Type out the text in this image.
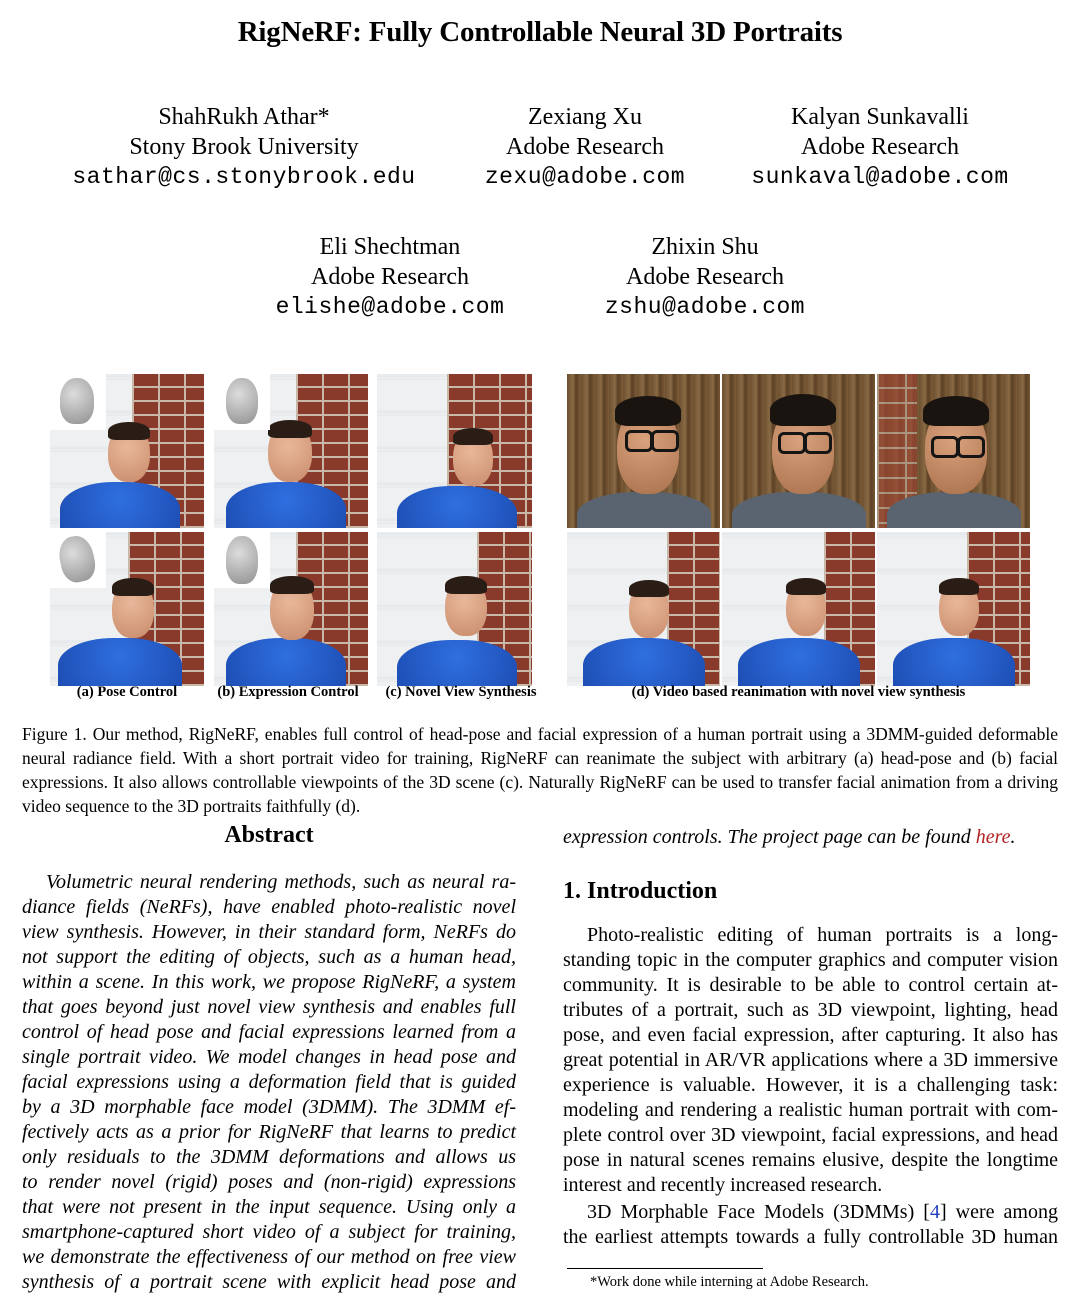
RigNeRF: Fully Controllable Neural 3D Portraits
ShahRukh Athar*
Stony Brook University
sathar@cs.stonybrook.edu
Zexiang Xu
Adobe Research
zexu@adobe.com
Kalyan Sunkavalli
Adobe Research
sunkaval@adobe.com
Eli Shechtman
Adobe Research
elishe@adobe.com
Zhixin Shu
Adobe Research
zshu@adobe.com
(a) Pose Control	(b) Expression Control	(c) Novel View Synthesis	(d) Video based reanimation with novel view synthesis
Figure 1. Our method, RigNeRF, enables full control of head-pose and facial expression of a human portrait using a 3DMM-guided deformable neural radiance field. With a short portrait video for training, RigNeRF can reanimate the subject with arbitrary (a) head-pose and (b) facial expressions. It also allows controllable viewpoints of the 3D scene (c). Naturally RigNeRF can be used to transfer facial animation from a driving video sequence to the 3D portraits faithfully (d).
Abstract
Volumetric neural rendering methods, such as neural ra-
diance fields (NeRFs), have enabled photo-realistic novel
view synthesis. However, in their standard form, NeRFs do
not support the editing of objects, such as a human head,
within a scene. In this work, we propose RigNeRF, a system
that goes beyond just novel view synthesis and enables full
control of head pose and facial expressions learned from a
single portrait video. We model changes in head pose and
facial expressions using a deformation field that is guided
by a 3D morphable face model (3DMM). The 3DMM ef-
fectively acts as a prior for RigNeRF that learns to predict
only residuals to the 3DMM deformations and allows us
to render novel (rigid) poses and (non-rigid) expressions
that were not present in the input sequence. Using only a
smartphone-captured short video of a subject for training,
we demonstrate the effectiveness of our method on free view
synthesis of a portrait scene with explicit head pose and
expression controls. The project page can be found here.
1. Introduction
Photo-realistic editing of human portraits is a long-
standing topic in the computer graphics and computer vision
community. It is desirable to be able to control certain at-
tributes of a portrait, such as 3D viewpoint, lighting, head
pose, and even facial expression, after capturing. It also has
great potential in AR/VR applications where a 3D immersive
experience is valuable. However, it is a challenging task:
modeling and rendering a realistic human portrait with com-
plete control over 3D viewpoint, facial expressions, and head
pose in natural scenes remains elusive, despite the longtime
interest and recently increased research.
3D Morphable Face Models (3DMMs) [4] were among
the earliest attempts towards a fully controllable 3D human
*Work done while interning at Adobe Research.
